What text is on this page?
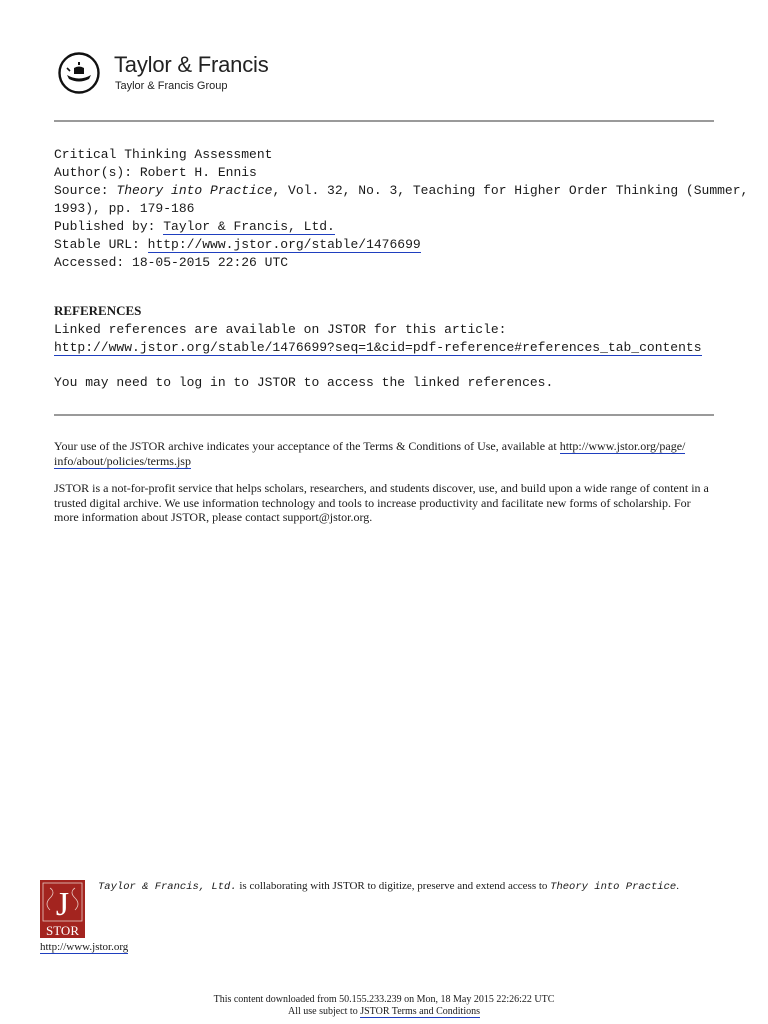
Taylor & Francis
Taylor & Francis Group
Critical Thinking Assessment
Author(s): Robert H. Ennis
Source: Theory into Practice, Vol. 32, No. 3, Teaching for Higher Order Thinking (Summer,
1993), pp. 179-186
Published by: Taylor & Francis, Ltd.
Stable URL: http://www.jstor.org/stable/1476699
Accessed: 18-05-2015 22:26 UTC
REFERENCES
Linked references are available on JSTOR for this article:
http://www.jstor.org/stable/1476699?seq=1&cid=pdf-reference#references_tab_contents
You may need to log in to JSTOR to access the linked references.
Your use of the JSTOR archive indicates your acceptance of the Terms & Conditions of Use, available at http://www.jstor.org/page/
info/about/policies/terms.jsp
JSTOR is a not-for-profit service that helps scholars, researchers, and students discover, use, and build upon a wide range of content in a trusted digital archive. We use information technology and tools to increase productivity and facilitate new forms of scholarship. For more information about JSTOR, please contact support@jstor.org.
J
STOR
Taylor & Francis, Ltd. is collaborating with JSTOR to digitize, preserve and extend access to Theory into Practice.
http://www.jstor.org
This content downloaded from 50.155.233.239 on Mon, 18 May 2015 22:26:22 UTC
All use subject to JSTOR Terms and Conditions
